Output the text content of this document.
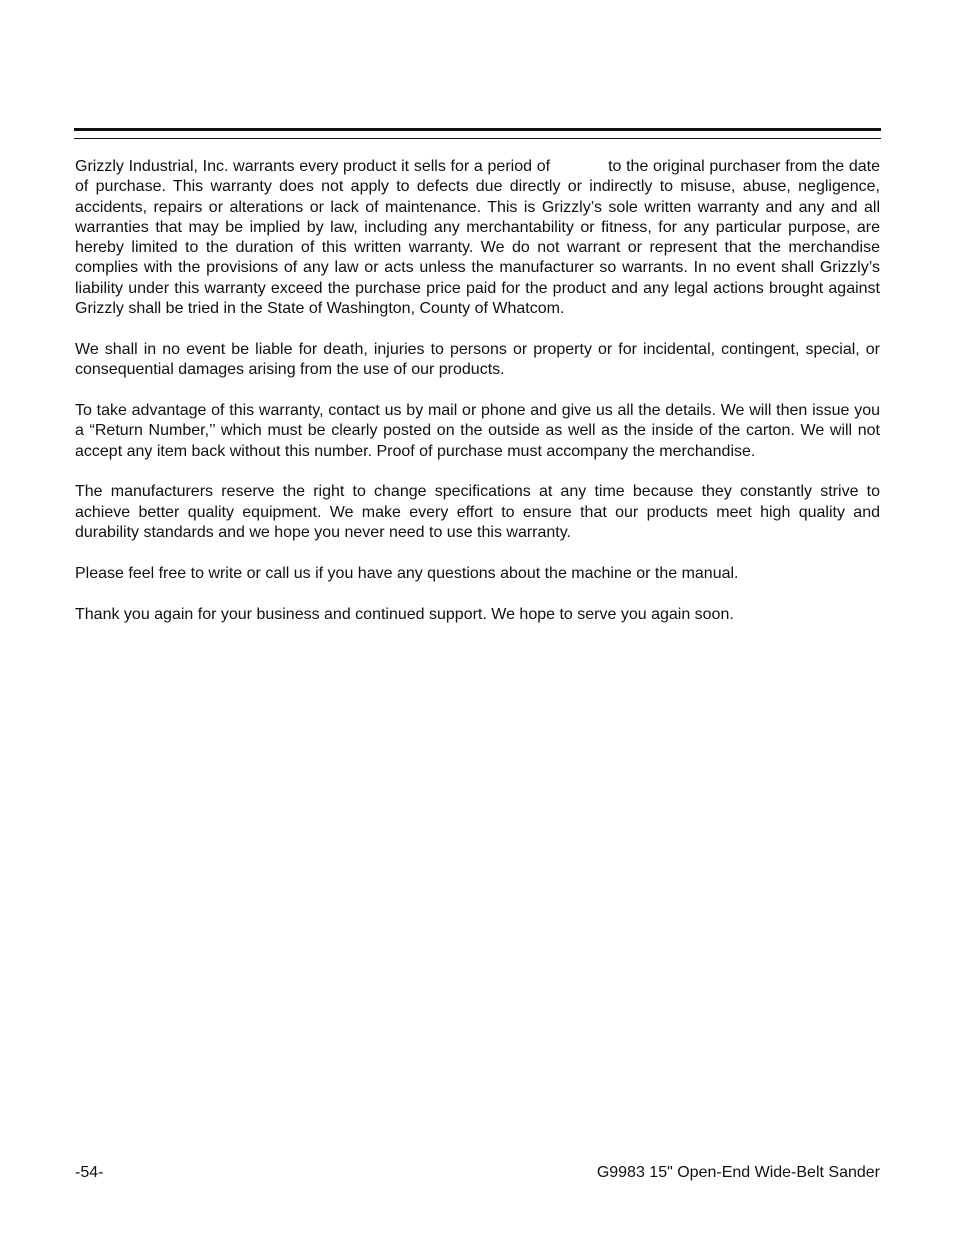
Grizzly Industrial, Inc. warrants every product it sells for a period of	to the original purchaser from the date of purchase. This warranty does not apply to defects due directly or indirectly to misuse, abuse, negligence, accidents, repairs or alterations or lack of maintenance. This is Grizzly’s sole written warranty and any and all warranties that may be implied by law, including any merchantability or fitness, for any particular purpose, are hereby limited to the duration of this written warranty. We do not warrant or represent that the merchandise complies with the provisions of any law or acts unless the manufacturer so warrants. In no event shall Grizzly’s liability under this warranty exceed the purchase price paid for the product and any legal actions brought against Grizzly shall be tried in the State of Washington, County of Whatcom.

We shall in no event be liable for death, injuries to persons or property or for incidental, contingent, special, or consequential damages arising from the use of our products.

To take advantage of this warranty, contact us by mail or phone and give us all the details. We will then issue you a “Return Number,’’ which must be clearly posted on the outside as well as the inside of the carton. We will not accept any item back without this number. Proof of purchase must accompany the merchandise.

The manufacturers reserve the right to change specifications at any time because they constantly strive to achieve better quality equipment. We make every effort to ensure that our products meet high quality and durability standards and we hope you never need to use this warranty.

Please feel free to write or call us if you have any questions about the machine or the manual.

Thank you again for your business and continued support. We hope to serve you again soon.

-54-	G9983 15" Open-End Wide-Belt Sander
